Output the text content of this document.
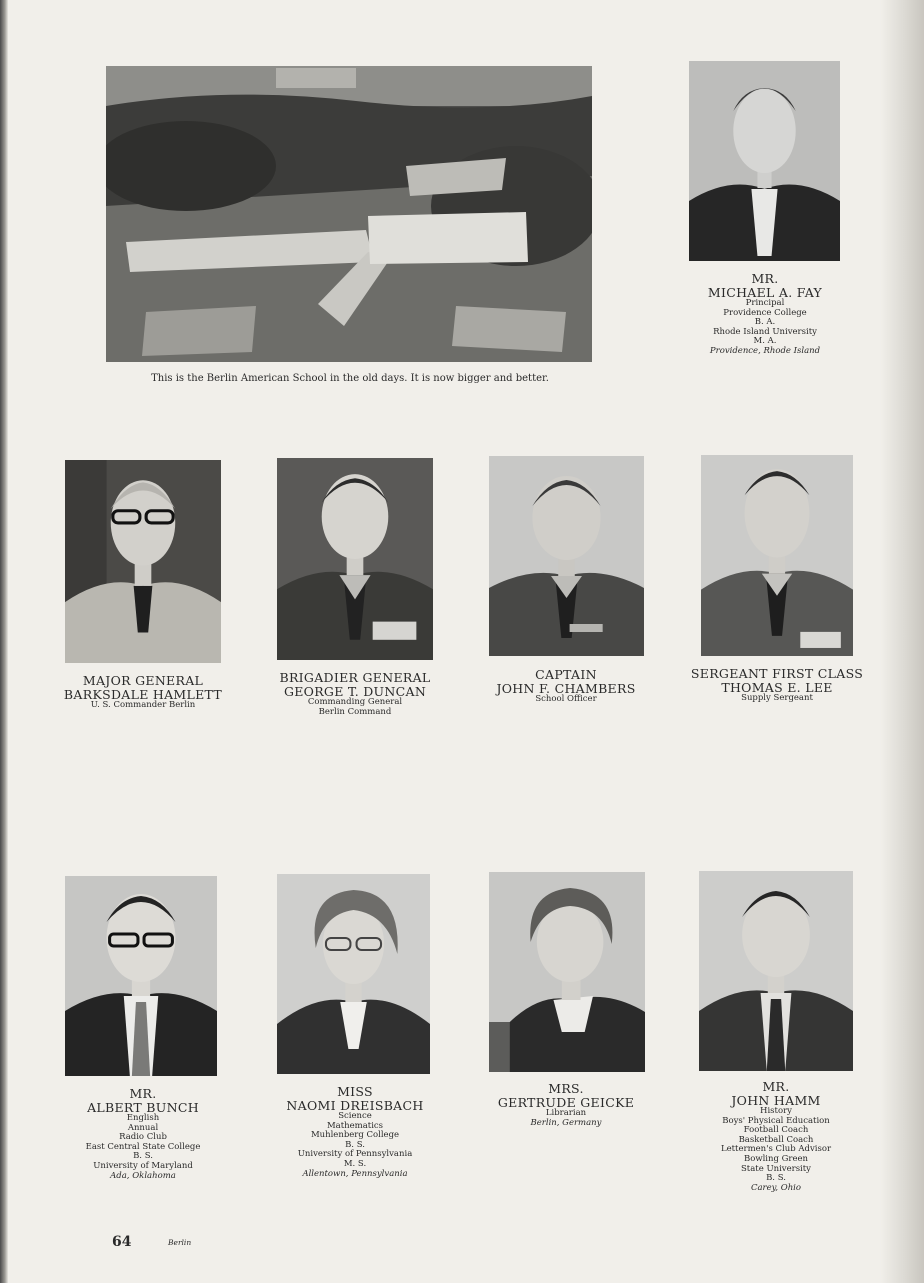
This is the Berlin American School in the old days. It is now bigger and better.
MR.
MICHAEL A. FAY
Principal
Providence College
B. A.
Rhode Island University
M. A.
Providence, Rhode Island
MAJOR GENERAL
BARKSDALE HAMLETT
U. S. Commander Berlin
BRIGADIER GENERAL
GEORGE T. DUNCAN
Commanding General
Berlin Command
CAPTAIN
JOHN F. CHAMBERS
School Officer
SERGEANT FIRST CLASS
THOMAS E. LEE
Supply Sergeant
MR.
ALBERT BUNCH
English
Annual
Radio Club
East Central State College
B. S.
University of Maryland
Ada, Oklahoma
MISS
NAOMI DREISBACH
Science
Mathematics
Muhlenberg College
B. S.
University of Pennsylvania
M. S.
Allentown, Pennsylvania
MRS.
GERTRUDE GEICKE
Librarian
Berlin, Germany
MR.
JOHN HAMM
History
Boys' Physical Education
Football Coach
Basketball Coach
Lettermen's Club Advisor
Bowling Green
State University
B. S.
Carey, Ohio
64	Berlin
